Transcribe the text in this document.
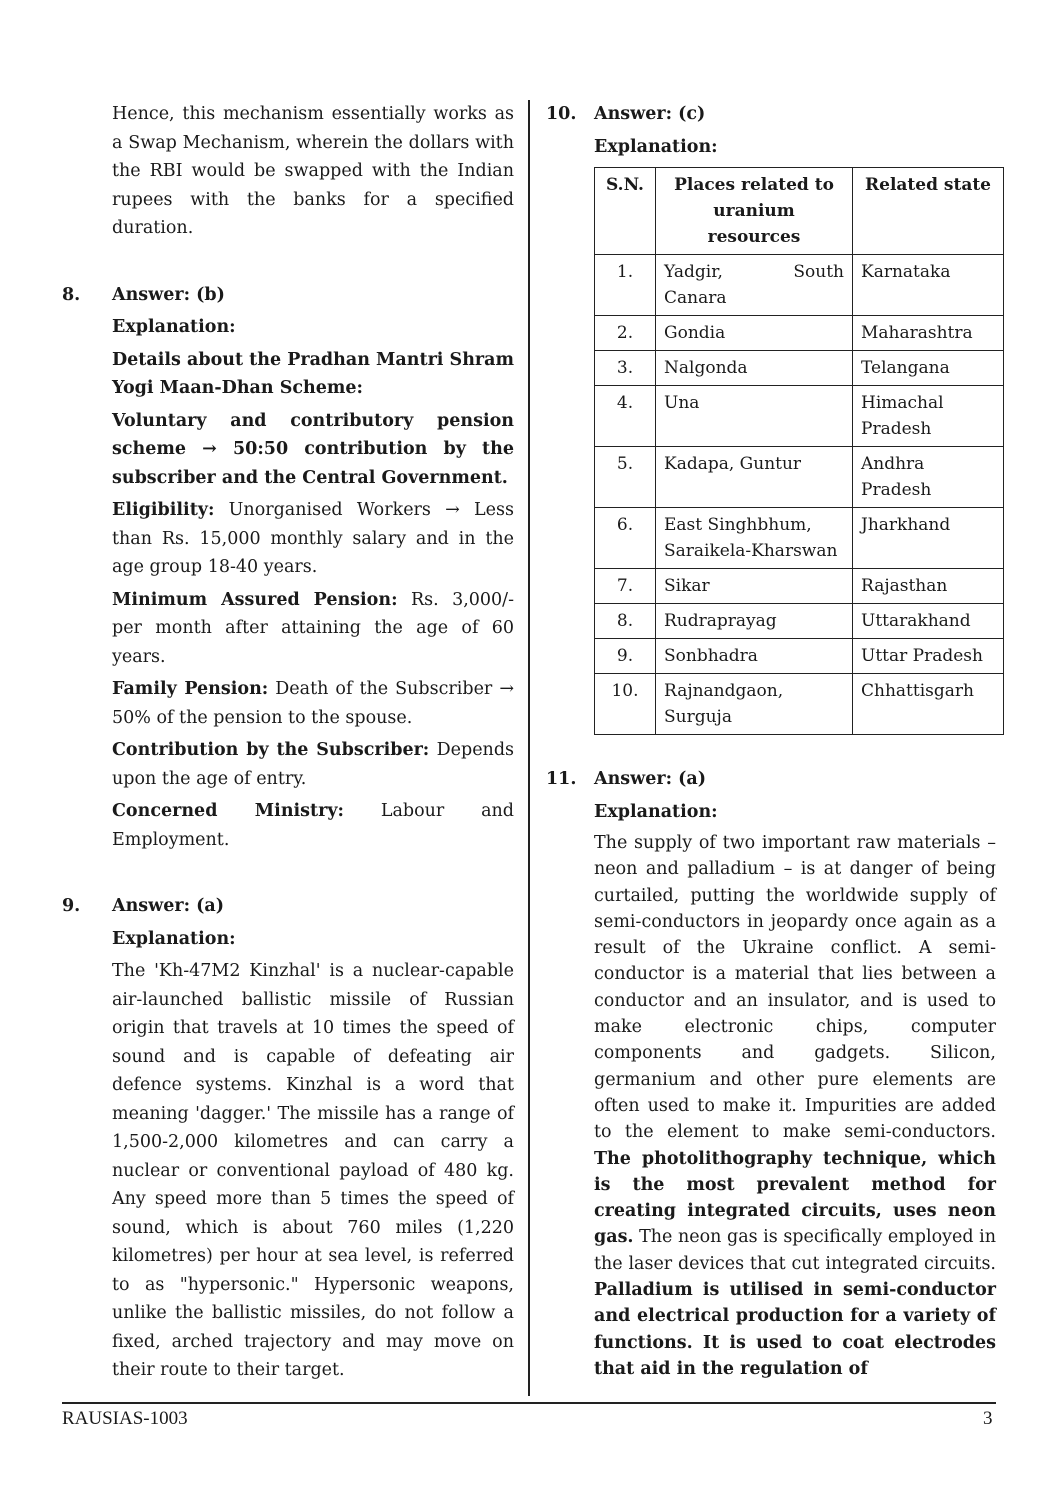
Hence, this mechanism essentially works as a Swap Mechanism, wherein the dollars with the RBI would be swapped with the Indian rupees with the banks for a specified duration.

8. Answer: (b)

Explanation:

Details about the Pradhan Mantri Shram Yogi Maan-Dhan Scheme:

Voluntary and contributory pension scheme → 50:50 contribution by the subscriber and the Central Government.

Eligibility: Unorganised Workers → Less than Rs. 15,000 monthly salary and in the age group 18-40 years.

Minimum Assured Pension: Rs. 3,000/- per month after attaining the age of 60 years.

Family Pension: Death of the Subscriber → 50% of the pension to the spouse.

Contribution by the Subscriber: Depends upon the age of entry.

Concerned Ministry: Labour and Employment.

9. Answer: (a)

Explanation:

The 'Kh-47M2 Kinzhal' is a nuclear-capable air-launched ballistic missile of Russian origin that travels at 10 times the speed of sound and is capable of defeating air defence systems. Kinzhal is a word that meaning 'dagger.' The missile has a range of 1,500-2,000 kilometres and can carry a nuclear or conventional payload of 480 kg. Any speed more than 5 times the speed of sound, which is about 760 miles (1,220 kilometres) per hour at sea level, is referred to as "hypersonic." Hypersonic weapons, unlike the ballistic missiles, do not follow a fixed, arched trajectory and may move on their route to their target.

10. Answer: (c)

Explanation:

S.N.	Places related to uranium resources	Related state
1.	Yadgir, South Canara	Karnataka
2.	Gondia	Maharashtra
3.	Nalgonda	Telangana
4.	Una	Himachal Pradesh
5.	Kadapa, Guntur	Andhra Pradesh
6.	East Singhbhum, Saraikela-Kharswan	Jharkhand
7.	Sikar	Rajasthan
8.	Rudraprayag	Uttarakhand
9.	Sonbhadra	Uttar Pradesh
10.	Rajnandgaon, Surguja	Chhattisgarh
11. Answer: (a)

Explanation:

The supply of two important raw materials – neon and palladium – is at danger of being curtailed, putting the worldwide supply of semi-conductors in jeopardy once again as a result of the Ukraine conflict. A semi-conductor is a material that lies between a conductor and an insulator, and is used to make electronic chips, computer components and gadgets. Silicon, germanium and other pure elements are often used to make it. Impurities are added to the element to make semi-conductors. The photolithography technique, which is the most prevalent method for creating integrated circuits, uses neon gas. The neon gas is specifically employed in the laser devices that cut integrated circuits. Palladium is utilised in semi-conductor and electrical production for a variety of functions. It is used to coat electrodes that aid in the regulation of

RAUSIAS-1003	3
